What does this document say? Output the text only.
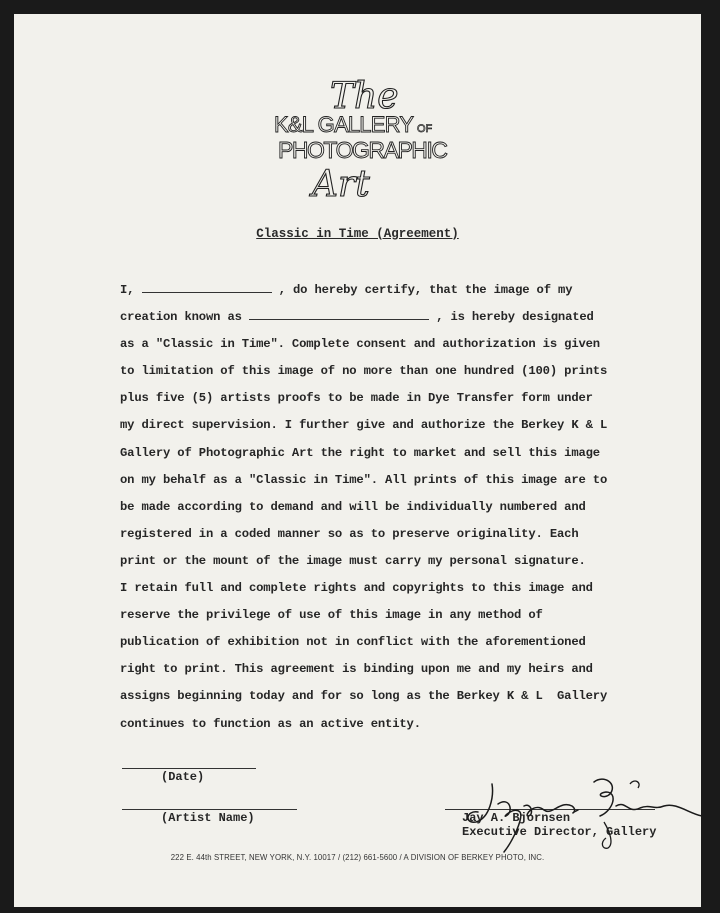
The
K&L GALLERY OF
PHOTOGRAPHIC
Art
Classic in Time (Agreement)
I,	, do hereby certify, that the image of my
creation known as	, is hereby designated
as a "Classic in Time". Complete consent and authorization is given
to limitation of this image of no more than one hundred (100) prints
plus five (5) artists proofs to be made in Dye Transfer form under
my direct supervision. I further give and authorize the Berkey K & L
Gallery of Photographic Art the right to market and sell this image
on my behalf as a "Classic in Time". All prints of this image are to
be made according to demand and will be individually numbered and
registered in a coded manner so as to preserve originality. Each
print or the mount of the image must carry my personal signature.
I retain full and complete rights and copyrights to this image and
reserve the privilege of use of this image in any method of
publication of exhibition not in conflict with the aforementioned
right to print. This agreement is binding upon me and my heirs and
assigns beginning today and for so long as the Berkey K & L  Gallery
continues to function as an active entity.
(Date)
(Artist Name)	Jay A. Bjornsen
Executive Director, Gallery
Jay A. Bjornsen
222 E. 44th STREET, NEW YORK, N.Y. 10017 / (212) 661-5600 / A DIVISION OF BERKEY PHOTO, INC.
